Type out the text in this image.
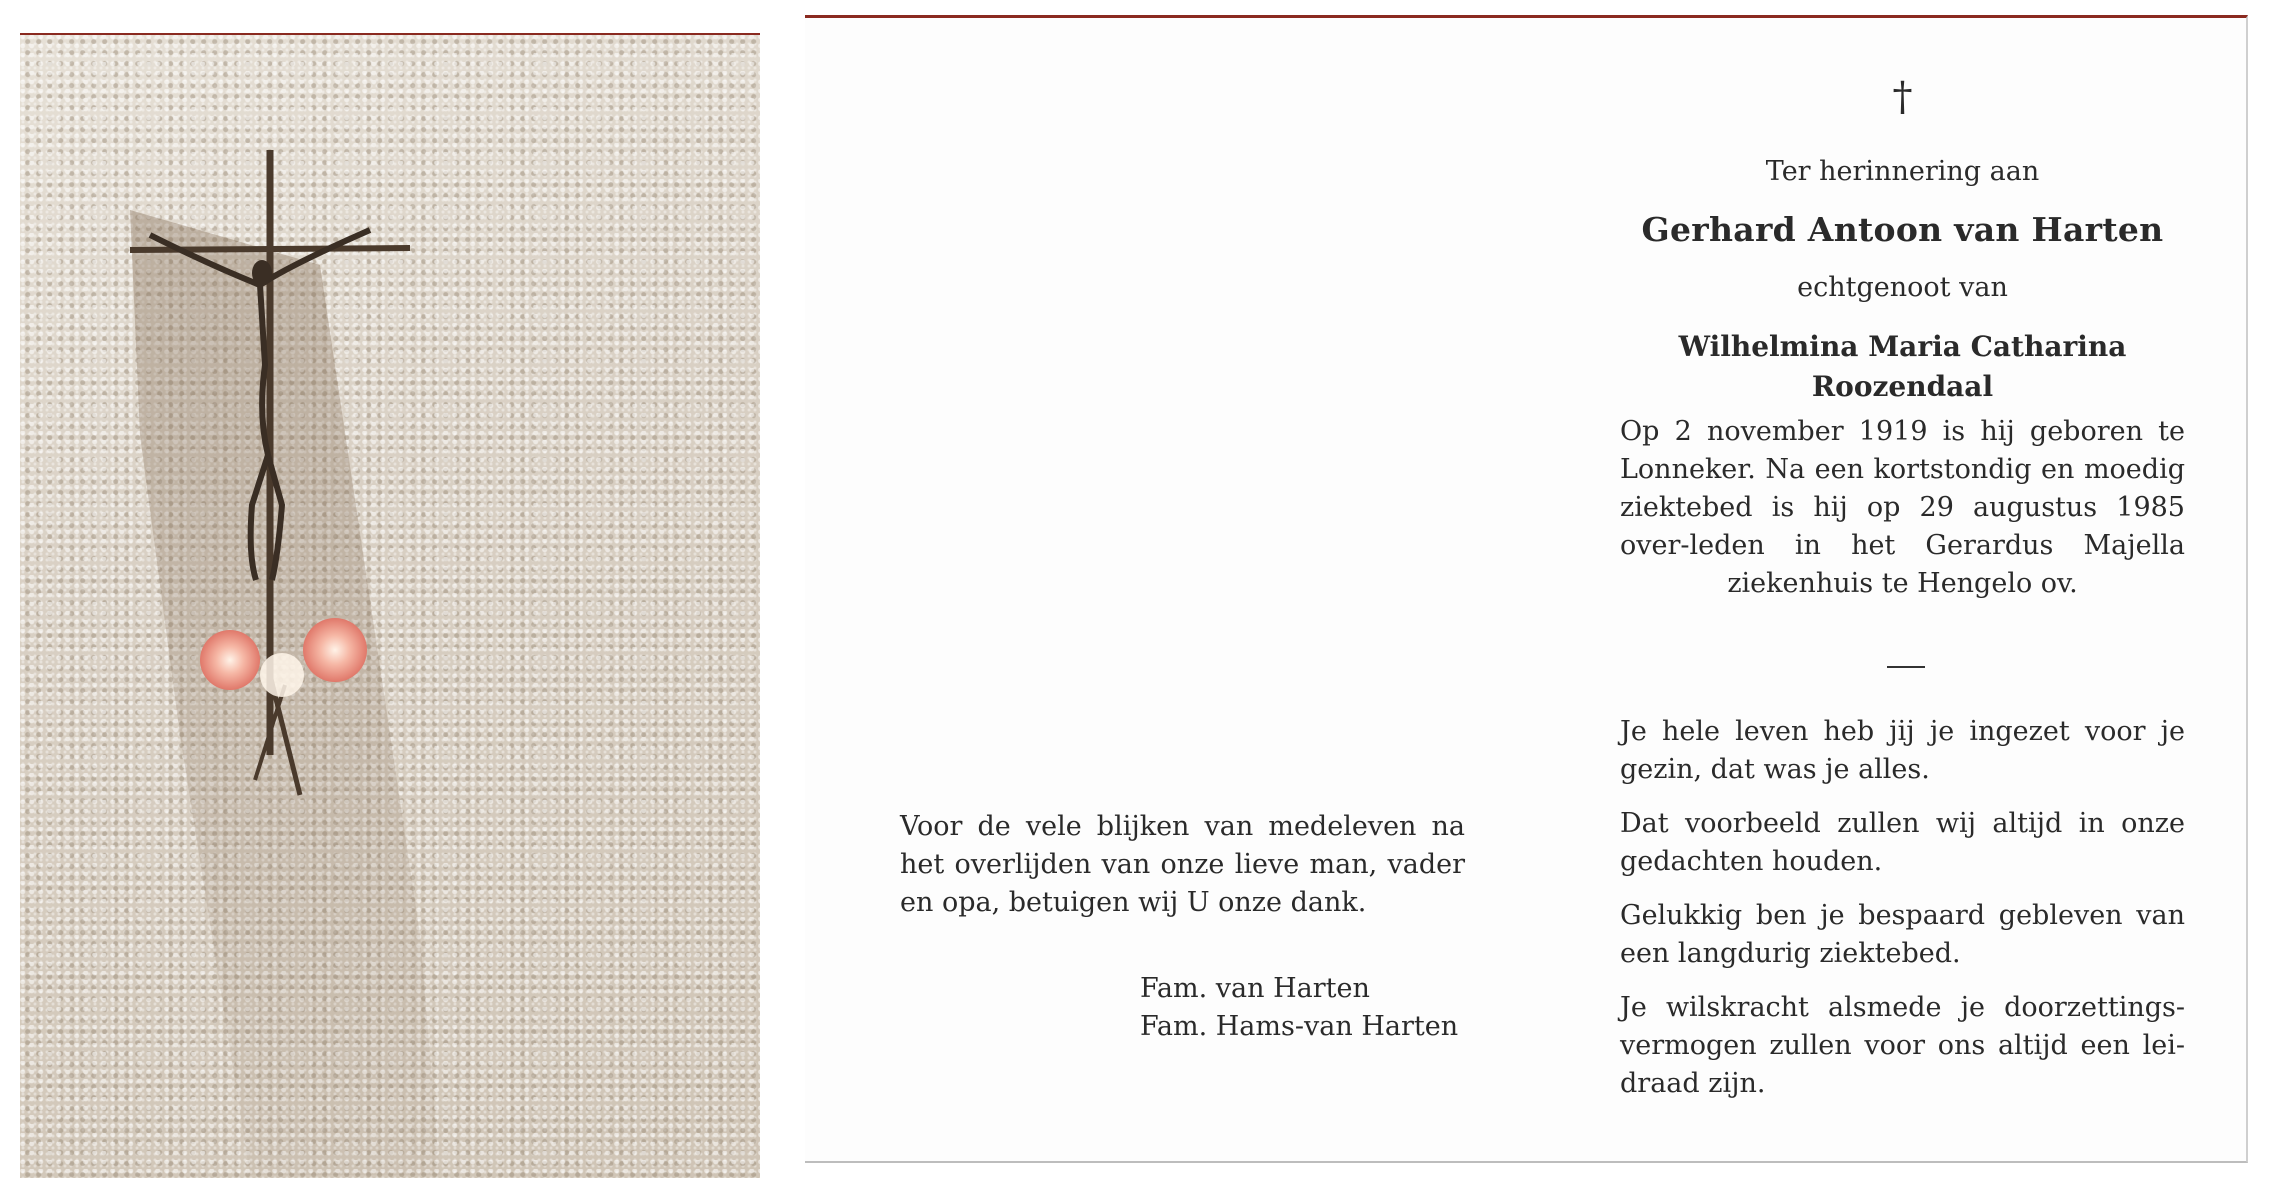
Voor de vele blijken van medeleven na het overlijden van onze lieve man, vader en opa, betuigen wij U onze dank.
Fam. van Harten
Fam. Hams-van Harten
†
Ter herinnering aan
Gerhard Antoon van Harten
echtgenoot van
Wilhelmina Maria Catharina
Roozendaal
Op 2 november 1919 is hij geboren te Lonneker. Na een kortstondig en moedig ziektebed is hij op 29 augustus 1985 over-leden in het Gerardus Majella ziekenhuis te Hengelo ov.

Je hele leven heb jij je ingezet voor je gezin, dat was je alles.

Dat voorbeeld zullen wij altijd in onze gedachten houden.

Gelukkig ben je bespaard gebleven van een langdurig ziektebed.

Je wilskracht alsmede je doorzettings-vermogen zullen voor ons altijd een lei-draad zijn.
